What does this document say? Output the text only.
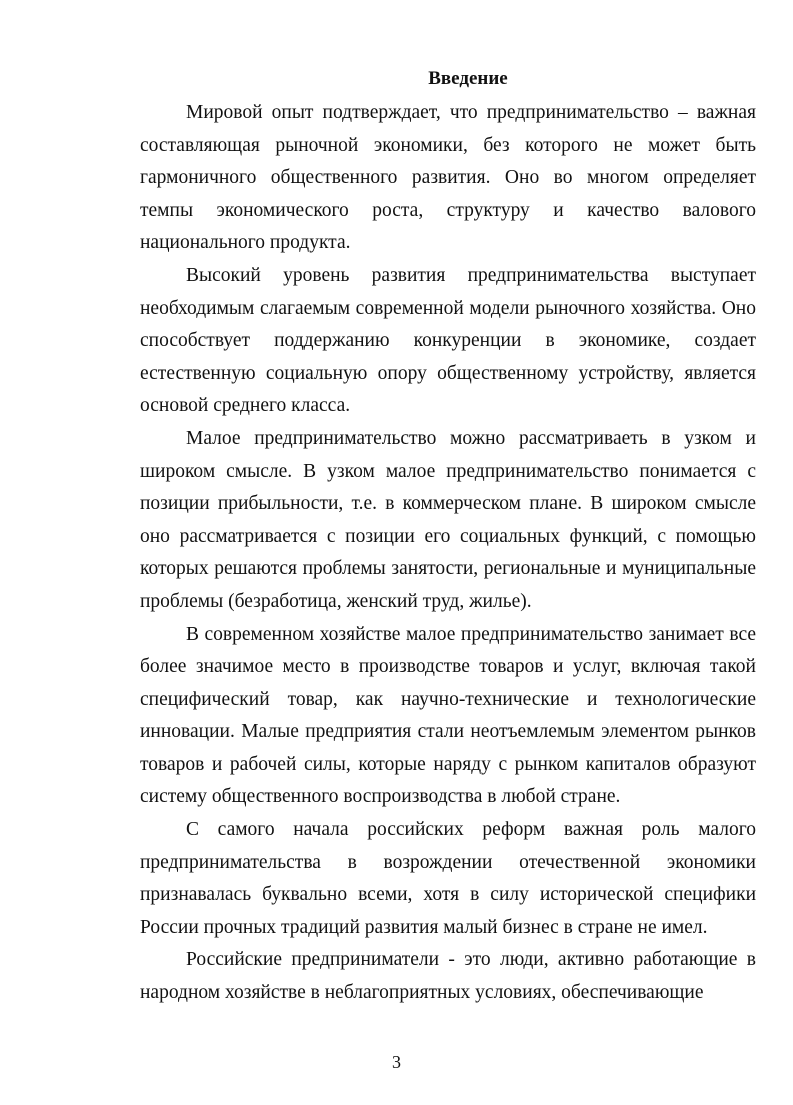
Введение

Мировой опыт подтверждает, что предпринимательство – важная составляющая рыночной экономики, без которого не может быть гармоничного общественного развития. Оно во многом определяет темпы экономического роста, структуру и качество валового национального продукта.

Высокий уровень развития предпринимательства выступает необходимым слагаемым современной модели рыночного хозяйства. Оно способствует поддержанию конкуренции в экономике, создает естественную социальную опору общественному устройству, является основой среднего класса.

Малое предпринимательство можно рассматриваеть в узком и широком смысле. В узком малое предпринимательство понимается с позиции прибыльности, т.е. в коммерческом плане. В широком смысле оно рассматривается с позиции его социальных функций, с помощью которых решаются проблемы занятости, региональные и муниципальные проблемы (безработица, женский труд, жилье).

В современном хозяйстве малое предпринимательство занимает все более значимое место в производстве товаров и услуг, включая такой специфический товар, как научно-технические и технологические инновации. Малые предприятия стали неотъемлемым элементом рынков товаров и рабочей силы, которые наряду с рынком капиталов образуют систему общественного воспроизводства в любой стране.

С самого начала российских реформ важная роль малого предпринимательства в возрождении отечественной экономики признавалась буквально всеми, хотя в силу исторической специфики России прочных традиций развития малый бизнес в стране не имел.

Российские предприниматели - это люди, активно работающие в народном хозяйстве в неблагоприятных условиях, обеспечивающие

3
